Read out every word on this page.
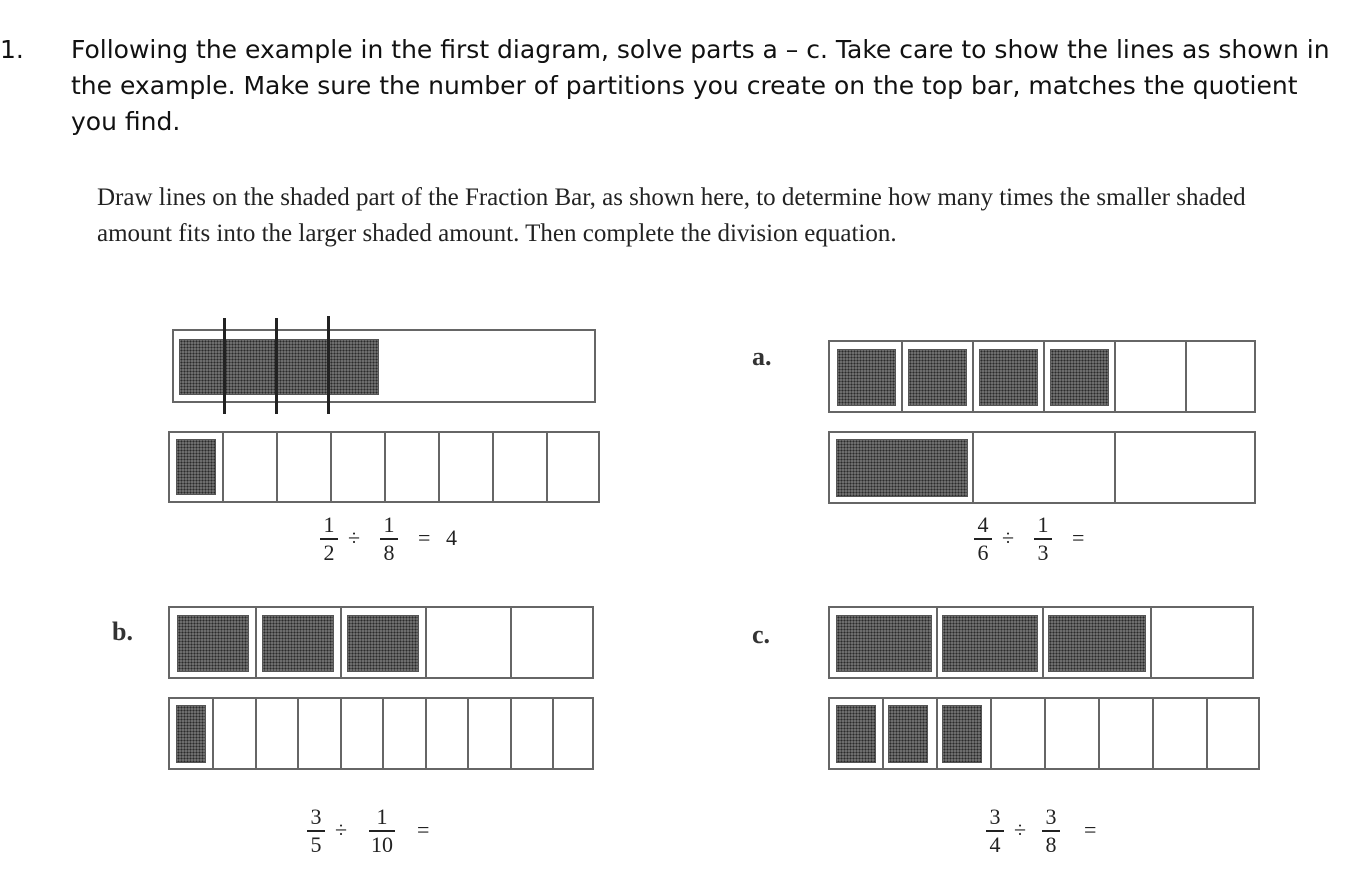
1. Following the example in the first diagram, solve parts a – c. Take care to show the lines as shown in the example. Make sure the number of partitions you create on the top bar, matches the quotient you find.
Draw lines on the shaded part of the Fraction Bar, as shown here, to determine how many times the smaller shaded amount fits into the larger shaded amount. Then complete the division equation.
1
2
÷
1
8
= 4
a.
4
6
÷
1
3
=
b.
3
5
÷
1
10
=
c.
3
4
÷
3
8
=
